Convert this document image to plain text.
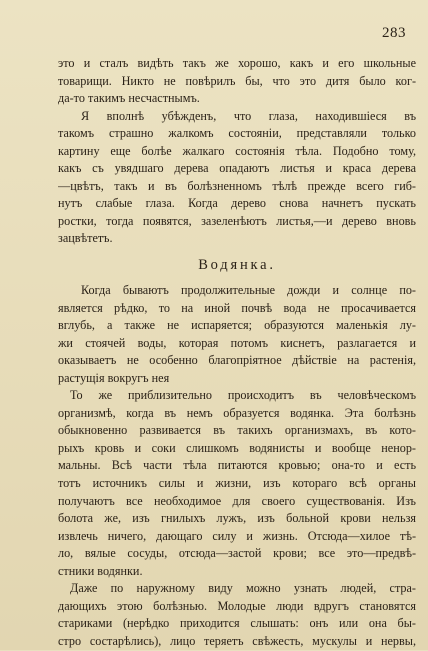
283
это и сталъ видѣть такъ же хорошо, какъ и его школьные
товарищи. Никто не повѣрилъ бы, что это дитя было ког-
да-то такимъ несчастнымъ.
Я вполнѣ убѣжденъ, что глаза, находившіеся въ
такомъ страшно жалкомъ состояніи, представляли только
картину еще болѣе жалкаго состоянія тѣла. Подобно тому,
какъ съ увядшаго дерева опадаютъ листья и краса дерева
—цвѣтъ, такъ и въ болѣзненномъ тѣлѣ прежде всего гиб-
нутъ слабые глаза. Когда дерево снова начнетъ пускать
ростки, тогда появятся, зазеленѣютъ листья,—и дерево вновь
зацвѣтетъ.
Водянка.
Когда бываютъ продолжительные дожди и солнце по-
является рѣдко, то на иной почвѣ вода не просачивается
вглубь, а также не испаряется; образуются маленькія лу-
жи стоячей воды, которая потомъ киснетъ, разлагается и
оказываетъ не особенно благопріятное дѣйствіе на растенія,
растущія вокругъ нея
То же приблизительно происходитъ въ человѣческомъ
организмѣ, когда въ немъ образуется водянка. Эта болѣзнь
обыкновенно развивается въ такихъ организмахъ, въ кото-
рыхъ кровь и соки слишкомъ водянисты и вообще ненор-
мальны. Всѣ части тѣла питаются кровью; она-то и есть
тотъ источникъ силы и жизни, изъ котораго всѣ органы
получаютъ все необходимое для своего существованія. Изъ
болота же, изъ гнилыхъ лужъ, изъ больной крови нельзя
извлечь ничего, дающаго силу и жизнь. Отсюда—хилое тѣ-
ло, вялые сосуды, отсюда—застой крови; все это—предвѣ-
стники водянки.
Даже по наружному виду можно узнать людей, стра-
дающихъ этою болѣзнью. Молодые люди вдругъ становятся
стариками (нерѣдко приходится слышать: онъ или она бы-
стро состарѣлись), лицо теряетъ свѣжесть, мускулы и нервы,
